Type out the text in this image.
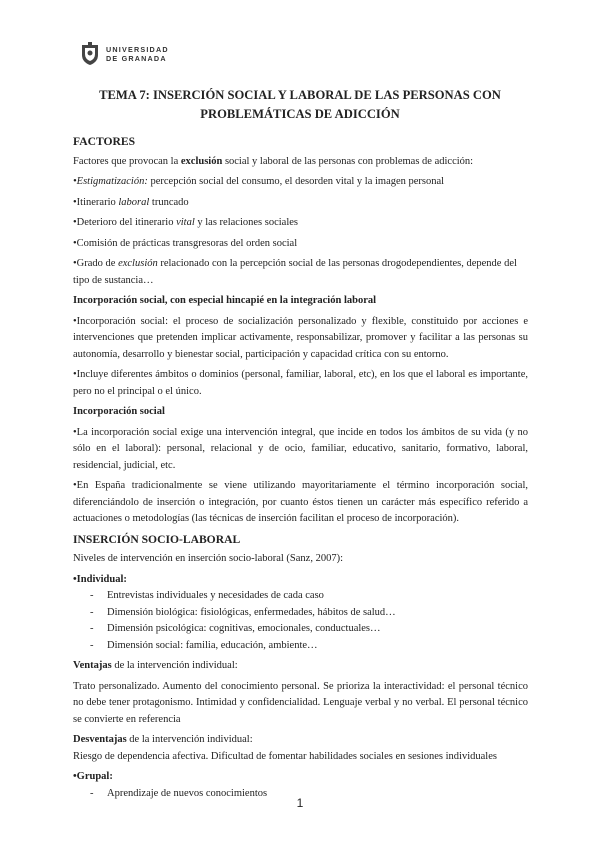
UNIVERSIDAD
DE GRANADA
TEMA 7: INSERCIÓN SOCIAL Y LABORAL DE LAS PERSONAS CON PROBLEMÁTICAS DE ADICCIÓN

FACTORES

Factores que provocan la exclusión social y laboral de las personas con problemas de adicción:

•Estigmatización: percepción social del consumo, el desorden vital y la imagen personal

•Itinerario laboral truncado

•Deterioro del itinerario vital y las relaciones sociales

•Comisión de prácticas transgresoras del orden social

•Grado de exclusión relacionado con la percepción social de las personas drogodependientes, depende del tipo de sustancia…

Incorporación social, con especial hincapié en la integración laboral

•Incorporación social: el proceso de socialización personalizado y flexible, constituido por acciones e intervenciones que pretenden implicar activamente, responsabilizar, promover y facilitar a las personas su autonomía, desarrollo y bienestar social, participación y capacidad crítica con su entorno.

•Incluye diferentes ámbitos o dominios (personal, familiar, laboral, etc), en los que el laboral es importante, pero no el principal o el único.

Incorporación social

•La incorporación social exige una intervención integral, que incide en todos los ámbitos de su vida (y no sólo en el laboral): personal, relacional y de ocio, familiar, educativo, sanitario, formativo, laboral, residencial, judicial, etc.

•En España tradicionalmente se viene utilizando mayoritariamente el término incorporación social, diferenciándolo de inserción o integración, por cuanto éstos tienen un carácter más específico referido a actuaciones o metodologías (las técnicas de inserción facilitan el proceso de incorporación).

INSERCIÓN SOCIO-LABORAL

Niveles de intervención en inserción socio-laboral (Sanz, 2007):

•Individual:

- Entrevistas individuales y necesidades de cada caso

- Dimensión biológica: fisiológicas, enfermedades, hábitos de salud…

- Dimensión psicológica: cognitivas, emocionales, conductuales…

- Dimensión social: familia, educación, ambiente…

Ventajas de la intervención individual:

Trato personalizado. Aumento del conocimiento personal. Se prioriza la interactividad: el personal técnico no debe tener protagonismo. Intimidad y confidencialidad. Lenguaje verbal y no verbal. El personal técnico se convierte en referencia

Desventajas de la intervención individual:

Riesgo de dependencia afectiva. Dificultad de fomentar habilidades sociales en sesiones individuales

•Grupal:

- Aprendizaje de nuevos conocimientos

1
